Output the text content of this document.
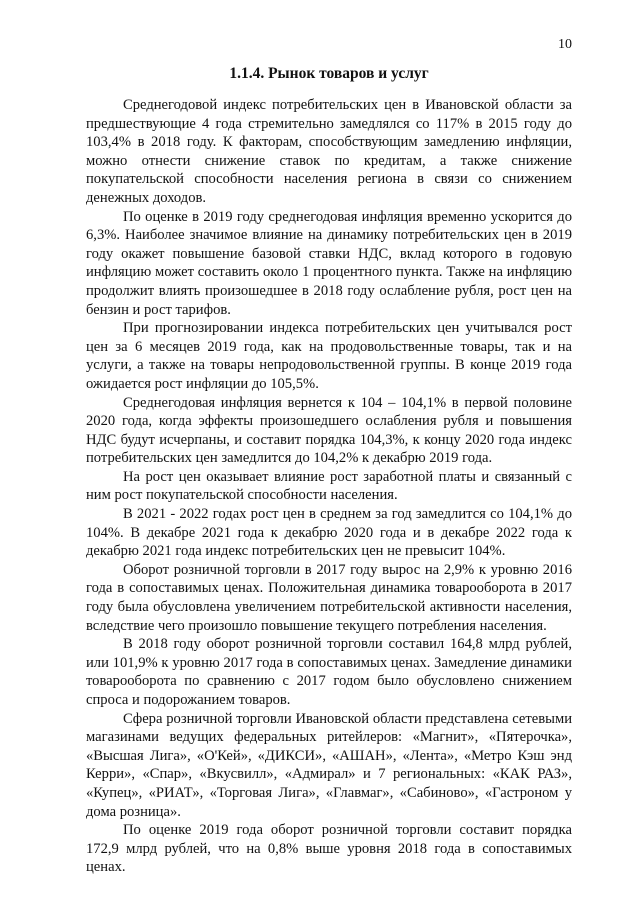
10
1.1.4. Рынок товаров и услуг

Среднегодовой индекс потребительских цен в Ивановской области за предшествующие 4 года стремительно замедлялся со 117% в 2015 году до 103,4% в 2018 году. К факторам, способствующим замедлению инфляции, можно отнести снижение ставок по кредитам, а также снижение покупательской способности населения региона в связи со снижением денежных доходов.

По оценке в 2019 году среднегодовая инфляция временно ускорится до 6,3%. Наиболее значимое влияние на динамику потребительских цен в 2019 году окажет повышение базовой ставки НДС, вклад которого в годовую инфляцию может составить около 1 процентного пункта. Также на инфляцию продолжит влиять произошедшее в 2018 году ослабление рубля, рост цен на бензин и рост тарифов.

При прогнозировании индекса потребительских цен учитывался рост цен за 6 месяцев 2019 года, как на продовольственные товары, так и на услуги, а также на товары непродовольственной группы. В конце 2019 года ожидается рост инфляции до 105,5%.

Среднегодовая инфляция вернется к 104 – 104,1% в первой половине 2020 года, когда эффекты произошедшего ослабления рубля и повышения НДС будут исчерпаны, и составит порядка 104,3%, к концу 2020 года индекс потребительских цен замедлится до 104,2% к декабрю 2019 года.

На рост цен оказывает влияние рост заработной платы и связанный с ним рост покупательской способности населения.

В 2021 - 2022 годах рост цен в среднем за год замедлится со 104,1% до 104%. В декабре 2021 года к декабрю 2020 года и в декабре 2022 года к декабрю 2021 года индекс потребительских цен не превысит 104%.

Оборот розничной торговли в 2017 году вырос на 2,9% к уровню 2016 года в сопоставимых ценах. Положительная динамика товарооборота в 2017 году была обусловлена увеличением потребительской активности населения, вследствие чего произошло повышение текущего потребления населения.

В 2018 году оборот розничной торговли составил 164,8 млрд рублей, или 101,9% к уровню 2017 года в сопоставимых ценах. Замедление динамики товарооборота по сравнению с 2017 годом было обусловлено снижением спроса и подорожанием товаров.

Сфера розничной торговли Ивановской области представлена сетевыми магазинами ведущих федеральных ритейлеров: «Магнит», «Пятерочка», «Высшая Лига», «О'Кей», «ДИКСИ», «АШАН», «Лента», «Метро Кэш энд Керри», «Спар», «Вкусвилл», «Адмирал» и 7 региональных: «КАК РАЗ», «Купец», «РИАТ», «Торговая Лига», «Главмаг», «Сабиново», «Гастроном у дома розница».

По оценке 2019 года оборот розничной торговли составит порядка 172,9 млрд рублей, что на 0,8% выше уровня 2018 года в сопоставимых ценах.
